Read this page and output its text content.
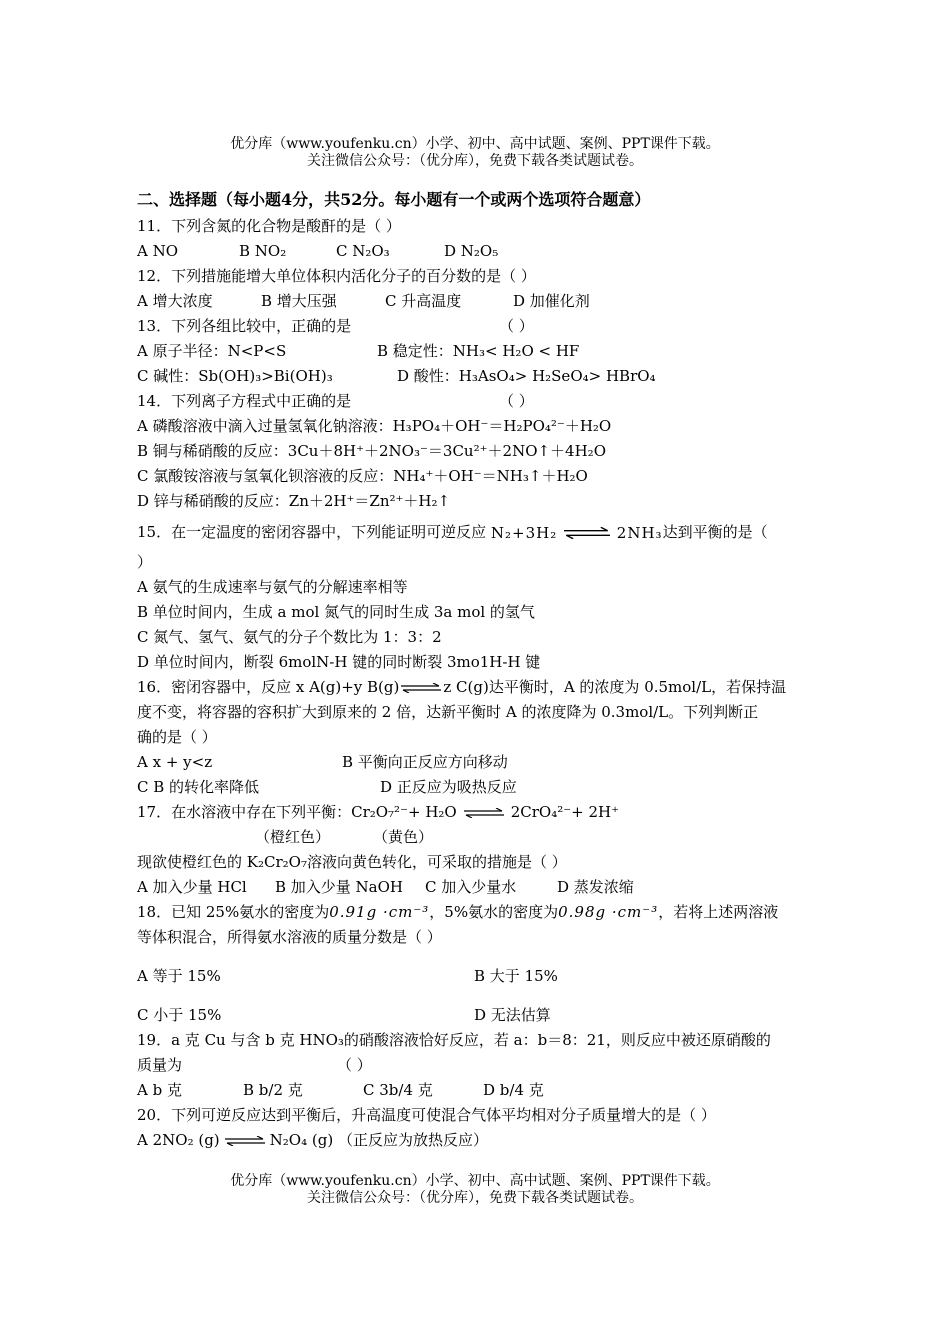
优分库（www.youfenku.cn）小学、初中、高中试题、案例、PPT课件下载。
关注微信公众号：（优分库），免费下载各类试题试卷。
二、选择题（每小题4分，共52分。每小题有一个或两个选项符合题意）
11．下列含氮的化合物是酸酐的是（ ）
A NO	B NO₂	C N₂O₃	D N₂O₅
12．下列措施能增大单位体积内活化分子的百分数的是（ ）
A 增大浓度	B 增大压强	C 升高温度	D 加催化剂
13．下列各组比较中，正确的是	（ ）
A 原子半径：N<P<S	B 稳定性：NH₃< H₂O < HF
C 碱性：Sb(OH)₃>Bi(OH)₃	D 酸性：H₃AsO₄> H₂SeO₄> HBrO₄
14．下列离子方程式中正确的是	（ ）
A 磷酸溶液中滴入过量氢氧化钠溶液：H₃PO₄＋OH⁻＝H₂PO₄²⁻＋H₂O
B 铜与稀硝酸的反应：3Cu＋8H⁺＋2NO₃⁻＝3Cu²⁺＋2NO↑＋4H₂O
C 氯酸铵溶液与氢氧化钡溶液的反应：NH₄⁺＋OH⁻＝NH₃↑＋H₂O
D 锌与稀硝酸的反应：Zn＋2H⁺＝Zn²⁺＋H₂↑
15．在一定温度的密闭容器中，下列能证明可逆反应 N₂+3H₂	2NH₃达到平衡的是（
）
A 氨气的生成速率与氨气的分解速率相等
B 单位时间内，生成 a mol 氮气的同时生成 3a mol 的氢气
C 氮气、氢气、氨气的分子个数比为 1：3：2
D 单位时间内，断裂 6molN-H 键的同时断裂 3mo1H-H 键
16．密闭容器中，反应 x A(g)+y B(g)	z C(g)达平衡时，A 的浓度为 0.5mol/L，若保持温
度不变，将容器的容积扩大到原来的 2 倍，达新平衡时 A 的浓度降为 0.3mol/L。下列判断正
确的是（ ）
A x + y<z	B 平衡向正反应方向移动
C B 的转化率降低	D 正反应为吸热反应
17．在水溶液中存在下列平衡：Cr₂O₇²⁻+ H₂O	2CrO₄²⁻+ 2H⁺
（橙红色）	（黄色）
现欲使橙红色的 K₂Cr₂O₇溶液向黄色转化，可采取的措施是（ ）
A 加入少量 HCl B 加入少量 NaOH C 加入少量水	D 蒸发浓缩
18．已知 25%氨水的密度为0.91g ·cm⁻³，5%氨水的密度为0.98g ·cm⁻³，若将上述两溶液
等体积混合，所得氨水溶液的质量分数是（ ）
A 等于 15%	B 大于 15%
C 小于 15%	D 无法估算
19．a 克 Cu 与含 b 克 HNO₃的硝酸溶液恰好反应，若 a：b＝8：21，则反应中被还原硝酸的
质量为	（ ）
A b 克	B b/2 克	C 3b/4 克	D b/4 克
20．下列可逆反应达到平衡后，升高温度可使混合气体平均相对分子质量增大的是（ ）
A 2NO₂ (g)	N₂O₄ (g) （正反应为放热反应）
优分库（www.youfenku.cn）小学、初中、高中试题、案例、PPT课件下载。
关注微信公众号：（优分库），免费下载各类试题试卷。
